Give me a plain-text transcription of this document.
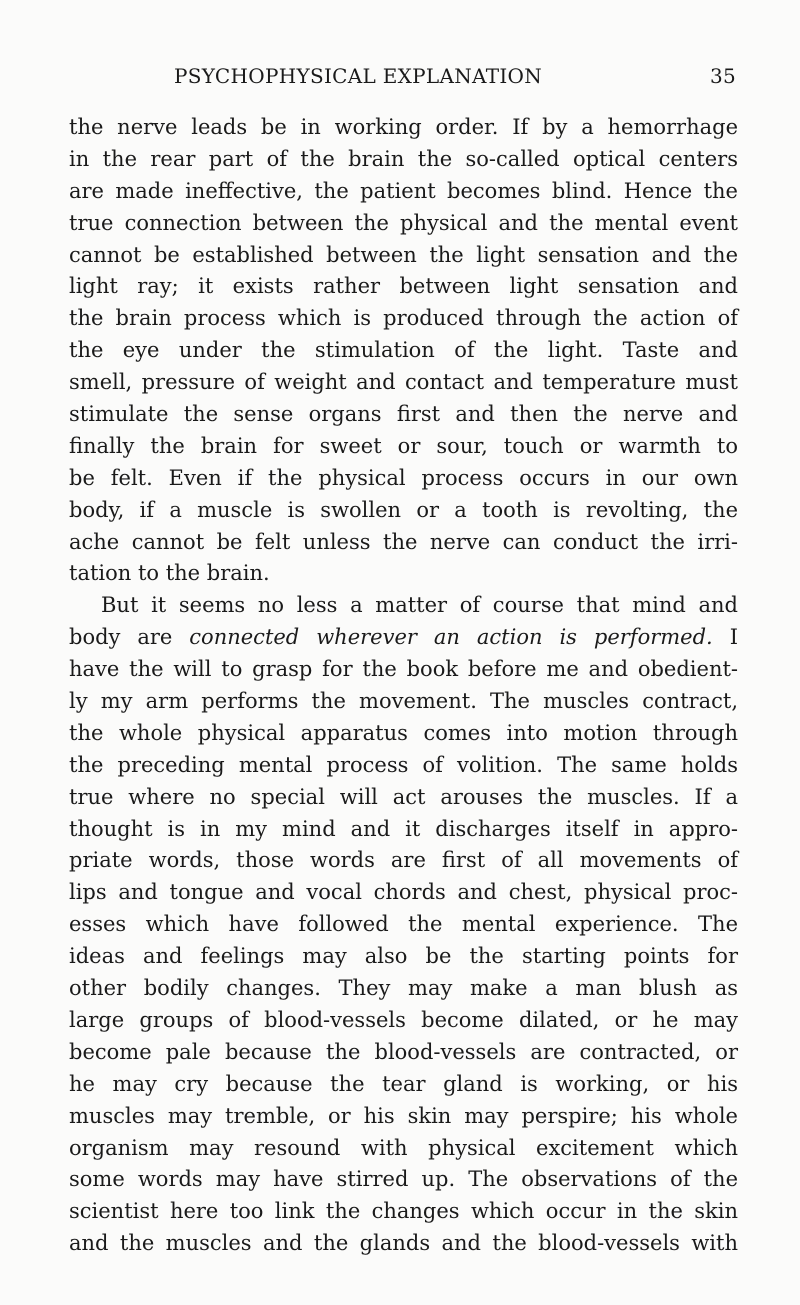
PSYCHOPHYSICAL EXPLANATION	35
the nerve leads be in working order. If by a hemorrhage
in the rear part of the brain the so-called optical centers
are made ineffective, the patient becomes blind. Hence the
true connection between the physical and the mental event
cannot be established between the light sensation and the
light ray; it exists rather between light sensation and
the brain process which is produced through the action of
the eye under the stimulation of the light. Taste and
smell, pressure of weight and contact and temperature must
stimulate the sense organs first and then the nerve and
finally the brain for sweet or sour, touch or warmth to
be felt. Even if the physical process occurs in our own
body, if a muscle is swollen or a tooth is revolting, the
ache cannot be felt unless the nerve can conduct the irri-
tation to the brain.
But it seems no less a matter of course that mind and
body are connected wherever an action is performed. I
have the will to grasp for the book before me and obedient-
ly my arm performs the movement. The muscles contract,
the whole physical apparatus comes into motion through
the preceding mental process of volition. The same holds
true where no special will act arouses the muscles. If a
thought is in my mind and it discharges itself in appro-
priate words, those words are first of all movements of
lips and tongue and vocal chords and chest, physical proc-
esses which have followed the mental experience. The
ideas and feelings may also be the starting points for
other bodily changes. They may make a man blush as
large groups of blood-vessels become dilated, or he may
become pale because the blood-vessels are contracted, or
he may cry because the tear gland is working, or his
muscles may tremble, or his skin may perspire; his whole
organism may resound with physical excitement which
some words may have stirred up. The observations of the
scientist here too link the changes which occur in the skin
and the muscles and the glands and the blood-vessels with
